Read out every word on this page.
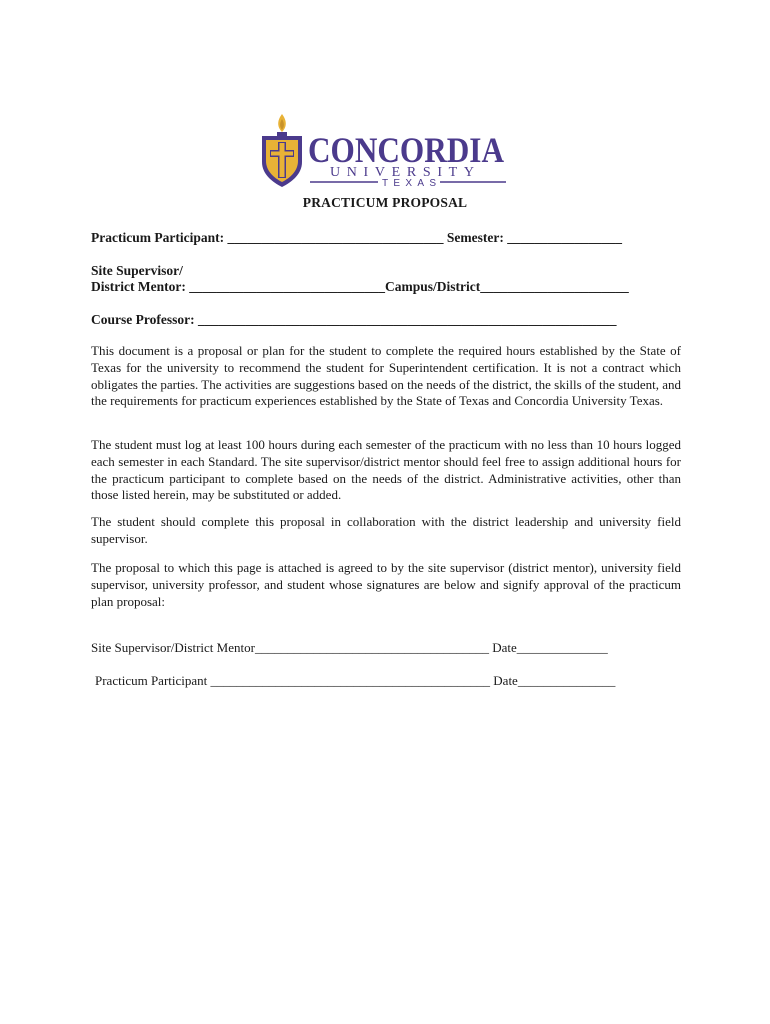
CONCORDIA
UNIVERSITY
TEXAS
PRACTICUM PROPOSAL
Practicum Participant: ________________________________ Semester: _________________
Site Supervisor/
District Mentor: _____________________________Campus/District______________________
Course Professor: ______________________________________________________________

This document is a proposal or plan for the student to complete the required hours established by the State of Texas for the university to recommend the student for Superintendent certification. It is not a contract which obligates the parties. The activities are suggestions based on the needs of the district, the skills of the student, and the requirements for practicum experiences established by the State of Texas and Concordia University Texas.

The student must log at least 100 hours during each semester of the practicum with no less than 10 hours logged each semester in each Standard. The site supervisor/district mentor should feel free to assign additional hours for the practicum participant to complete based on the needs of the district. Administrative activities, other than those listed herein, may be substituted or added.

The student should complete this proposal in collaboration with the district leadership and university field supervisor.

The proposal to which this page is attached is agreed to by the site supervisor (district mentor), university field supervisor, university professor, and student whose signatures are below and signify approval of the practicum plan proposal:

Site Supervisor/District Mentor____________________________________ Date______________
Practicum Participant ___________________________________________ Date_______________
